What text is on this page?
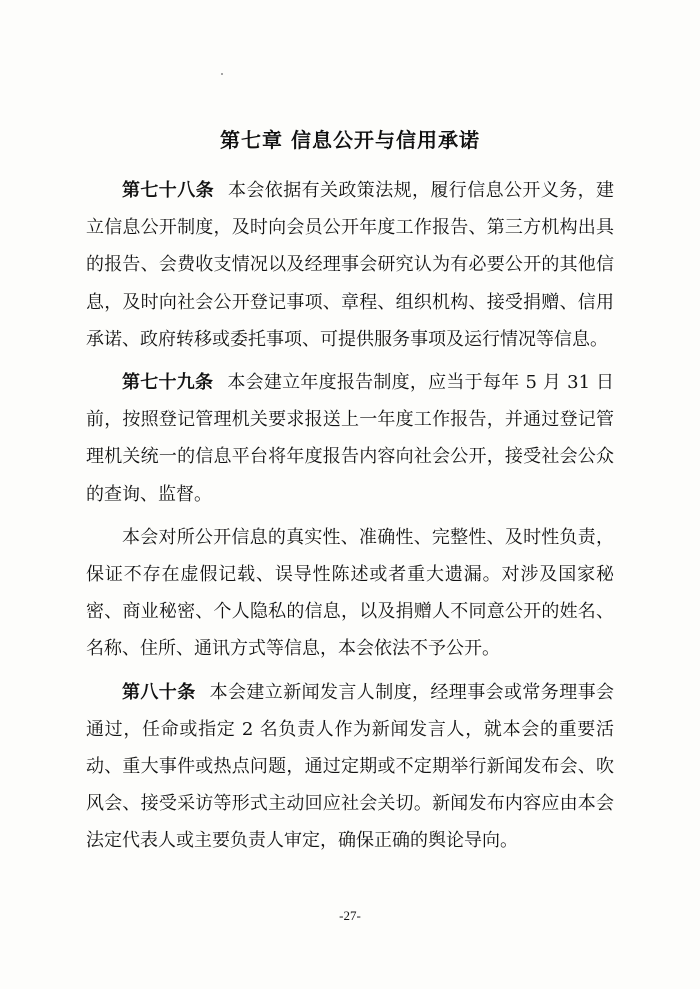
第七章 信息公开与信用承诺

第七十八条 本会依据有关政策法规，履行信息公开义务，建立信息公开制度，及时向会员公开年度工作报告、第三方机构出具的报告、会费收支情况以及经理事会研究认为有必要公开的其他信息，及时向社会公开登记事项、章程、组织机构、接受捐赠、信用承诺、政府转移或委托事项、可提供服务事项及运行情况等信息。

第七十九条 本会建立年度报告制度，应当于每年 5 月 31 日前，按照登记管理机关要求报送上一年度工作报告，并通过登记管理机关统一的信息平台将年度报告内容向社会公开，接受社会公众的查询、监督。

本会对所公开信息的真实性、准确性、完整性、及时性负责，保证不存在虚假记载、误导性陈述或者重大遗漏。对涉及国家秘密、商业秘密、个人隐私的信息，以及捐赠人不同意公开的姓名、名称、住所、通讯方式等信息，本会依法不予公开。

第八十条 本会建立新闻发言人制度，经理事会或常务理事会通过，任命或指定 2 名负责人作为新闻发言人，就本会的重要活动、重大事件或热点问题，通过定期或不定期举行新闻发布会、吹风会、接受采访等形式主动回应社会关切。新闻发布内容应由本会法定代表人或主要负责人审定，确保正确的舆论导向。

-27-
